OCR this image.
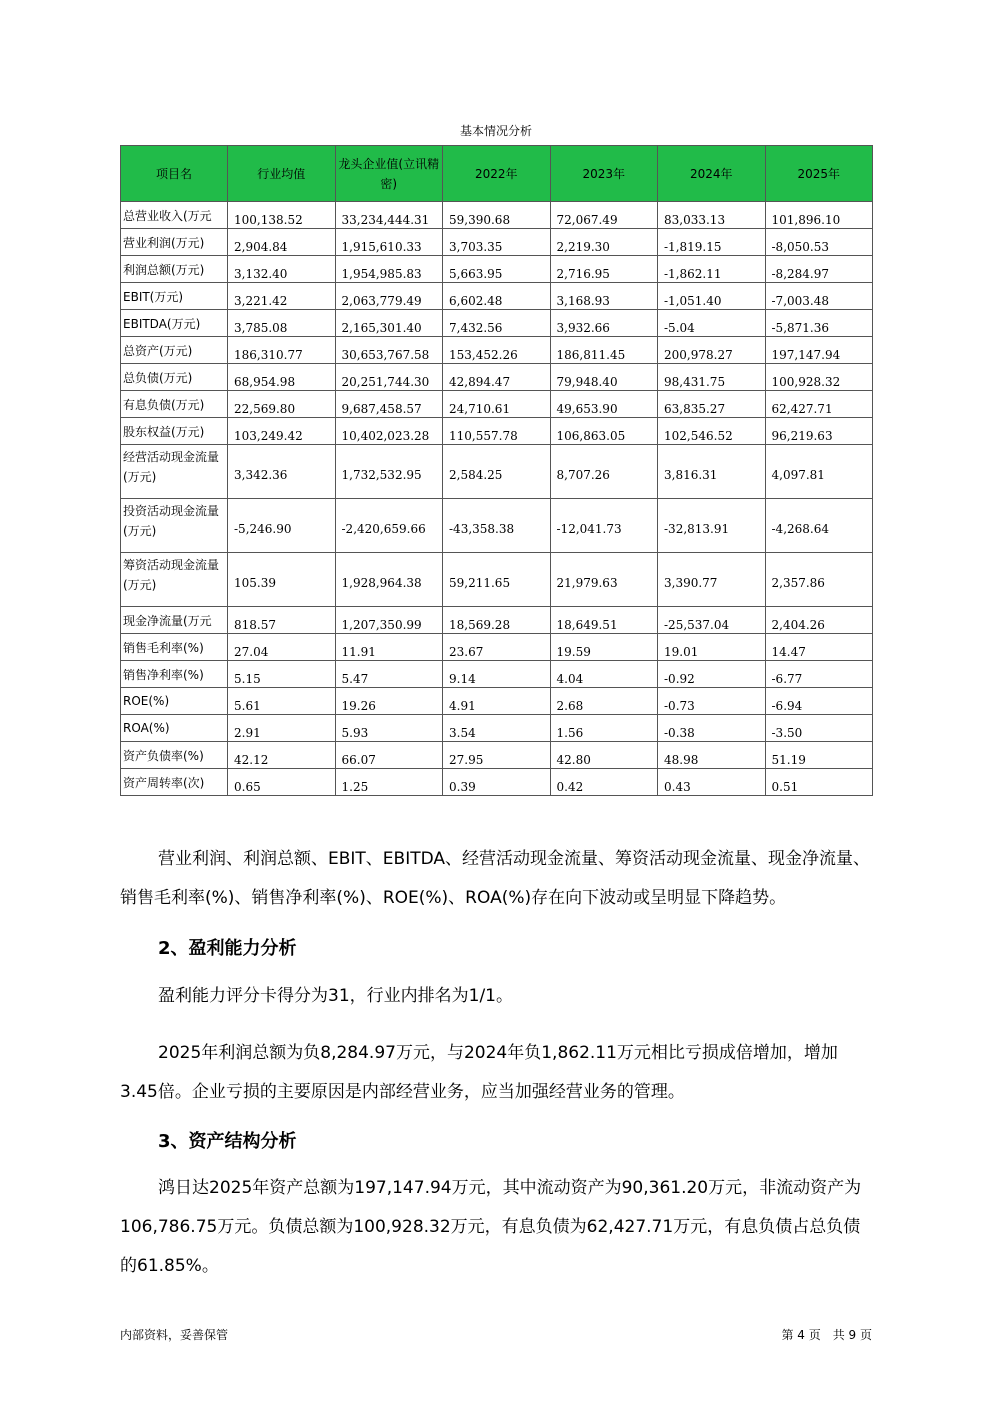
基本情况分析
项目名	行业均值	龙头企业值(立讯精密)	2022年	2023年	2024年	2025年
总营业收入(万元	100,138.52	33,234,444.31	59,390.68	72,067.49	83,033.13	101,896.10
营业利润(万元)	2,904.84	1,915,610.33	3,703.35	2,219.30	-1,819.15	-8,050.53
利润总额(万元)	3,132.40	1,954,985.83	5,663.95	2,716.95	-1,862.11	-8,284.97
EBIT(万元)	3,221.42	2,063,779.49	6,602.48	3,168.93	-1,051.40	-7,003.48
EBITDA(万元)	3,785.08	2,165,301.40	7,432.56	3,932.66	-5.04	-5,871.36
总资产(万元)	186,310.77	30,653,767.58	153,452.26	186,811.45	200,978.27	197,147.94
总负债(万元)	68,954.98	20,251,744.30	42,894.47	79,948.40	98,431.75	100,928.32
有息负债(万元)	22,569.80	9,687,458.57	24,710.61	49,653.90	63,835.27	62,427.71
股东权益(万元)	103,249.42	10,402,023.28	110,557.78	106,863.05	102,546.52	96,219.63
经营活动现金流量(万元)	3,342.36	1,732,532.95	2,584.25	8,707.26	3,816.31	4,097.81
投资活动现金流量(万元)	-5,246.90	-2,420,659.66	-43,358.38	-12,041.73	-32,813.91	-4,268.64
筹资活动现金流量(万元)	105.39	1,928,964.38	59,211.65	21,979.63	3,390.77	2,357.86
现金净流量(万元	818.57	1,207,350.99	18,569.28	18,649.51	-25,537.04	2,404.26
销售毛利率(%)	27.04	11.91	23.67	19.59	19.01	14.47
销售净利率(%)	5.15	5.47	9.14	4.04	-0.92	-6.77
ROE(%)	5.61	19.26	4.91	2.68	-0.73	-6.94
ROA(%)	2.91	5.93	3.54	1.56	-0.38	-3.50
资产负债率(%)	42.12	66.07	27.95	42.80	48.98	51.19
资产周转率(次)	0.65	1.25	0.39	0.42	0.43	0.51

营业利润、利润总额、EBIT、EBITDA、经营活动现金流量、筹资活动现金流量、现金净流量、销售毛利率(%)、销售净利率(%)、ROE(%)、ROA(%)存在向下波动或呈明显下降趋势。

2、盈利能力分析

盈利能力评分卡得分为31，行业内排名为1/1。

2025年利润总额为负8,284.97万元，与2024年负1,862.11万元相比亏损成倍增加，增加3.45倍。企业亏损的主要原因是内部经营业务，应当加强经营业务的管理。

3、资产结构分析

鸿日达2025年资产总额为197,147.94万元，其中流动资产为90,361.20万元，非流动资产为106,786.75万元。负债总额为100,928.32万元，有息负债为62,427.71万元，有息负债占总负债的61.85%。

内部资料，妥善保管	第 4 页　共 9 页
